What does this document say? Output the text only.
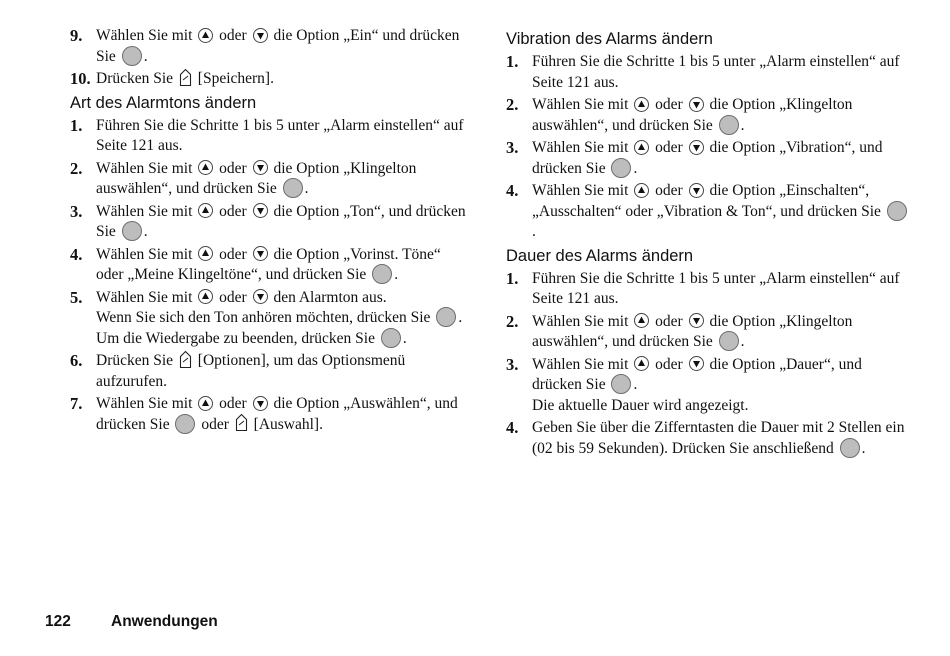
9. Wählen Sie mit oder die Option „Ein“ und drücken Sie .
10. Drücken Sie [Speichern].
Art des Alarmtons ändern
1. Führen Sie die Schritte 1 bis 5 unter „Alarm einstellen“ auf Seite 121 aus.
2. Wählen Sie mit oder die Option „Klingelton auswählen“, und drücken Sie .
3. Wählen Sie mit oder die Option „Ton“, und drücken Sie .
4. Wählen Sie mit oder die Option „Vorinst. Töne“ oder „Meine Klingeltöne“, und drücken Sie .
5. Wählen Sie mit oder den Alarmton aus.
Wenn Sie sich den Ton anhören möchten, drücken Sie .
Um die Wiedergabe zu beenden, drücken Sie .
6. Drücken Sie [Optionen], um das Optionsmenü aufzurufen.
7. Wählen Sie mit oder die Option „Auswählen“, und drücken Sie oder [Auswahl].
Vibration des Alarms ändern
1. Führen Sie die Schritte 1 bis 5 unter „Alarm einstellen“ auf Seite 121 aus.
2. Wählen Sie mit oder die Option „Klingelton auswählen“, und drücken Sie .
3. Wählen Sie mit oder die Option „Vibration“, und drücken Sie .
4. Wählen Sie mit oder die Option „Einschalten“, „Ausschalten“ oder „Vibration & Ton“, und drücken Sie .
Dauer des Alarms ändern
1. Führen Sie die Schritte 1 bis 5 unter „Alarm einstellen“ auf Seite 121 aus.
2. Wählen Sie mit oder die Option „Klingelton auswählen“, und drücken Sie .
3. Wählen Sie mit oder die Option „Dauer“, und drücken Sie .
Die aktuelle Dauer wird angezeigt.
4. Geben Sie über die Zifferntasten die Dauer mit 2 Stellen ein (02 bis 59 Sekunden). Drücken Sie anschließend .
122	Anwendungen
